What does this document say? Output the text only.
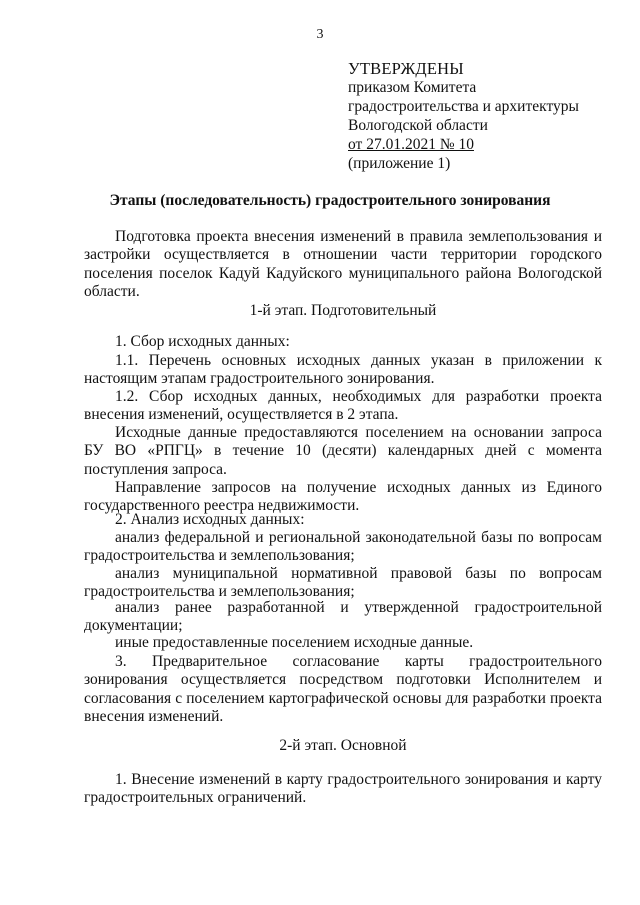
3
УТВЕРЖДЕНЫ
приказом Комитета
градостроительства и архитектуры
Вологодской области
от 27.01.2021 № 10
(приложение 1)
Этапы (последовательность) градостроительного зонирования

Подготовка проекта внесения изменений в правила землепользования и застройки осуществляется в отношении части территории городского поселения поселок Кадуй Кадуйского муниципального района Вологодской области.

1-й этап. Подготовительный

1. Сбор исходных данных:

1.1. Перечень основных исходных данных указан в приложении к настоящим этапам градостроительного зонирования.

1.2. Сбор исходных данных, необходимых для разработки проекта внесения изменений, осуществляется в 2 этапа.

Исходные данные предоставляются поселением на основании запроса БУ ВО «РПГЦ» в течение 10 (десяти) календарных дней с момента поступления запроса.

Направление запросов на получение исходных данных из Единого государственного реестра недвижимости.

2. Анализ исходных данных:

анализ федеральной и региональной законодательной базы по вопросам градостроительства и землепользования;

анализ муниципальной нормативной правовой базы по вопросам градостроительства и землепользования;

анализ ранее разработанной и утвержденной градостроительной документации;

иные предоставленные поселением исходные данные.

3. Предварительное согласование карты градостроительного зонирования осуществляется посредством подготовки Исполнителем и согласования с поселением картографической основы для разработки проекта внесения изменений.

2-й этап. Основной

1. Внесение изменений в карту градостроительного зонирования и карту градостроительных ограничений.
